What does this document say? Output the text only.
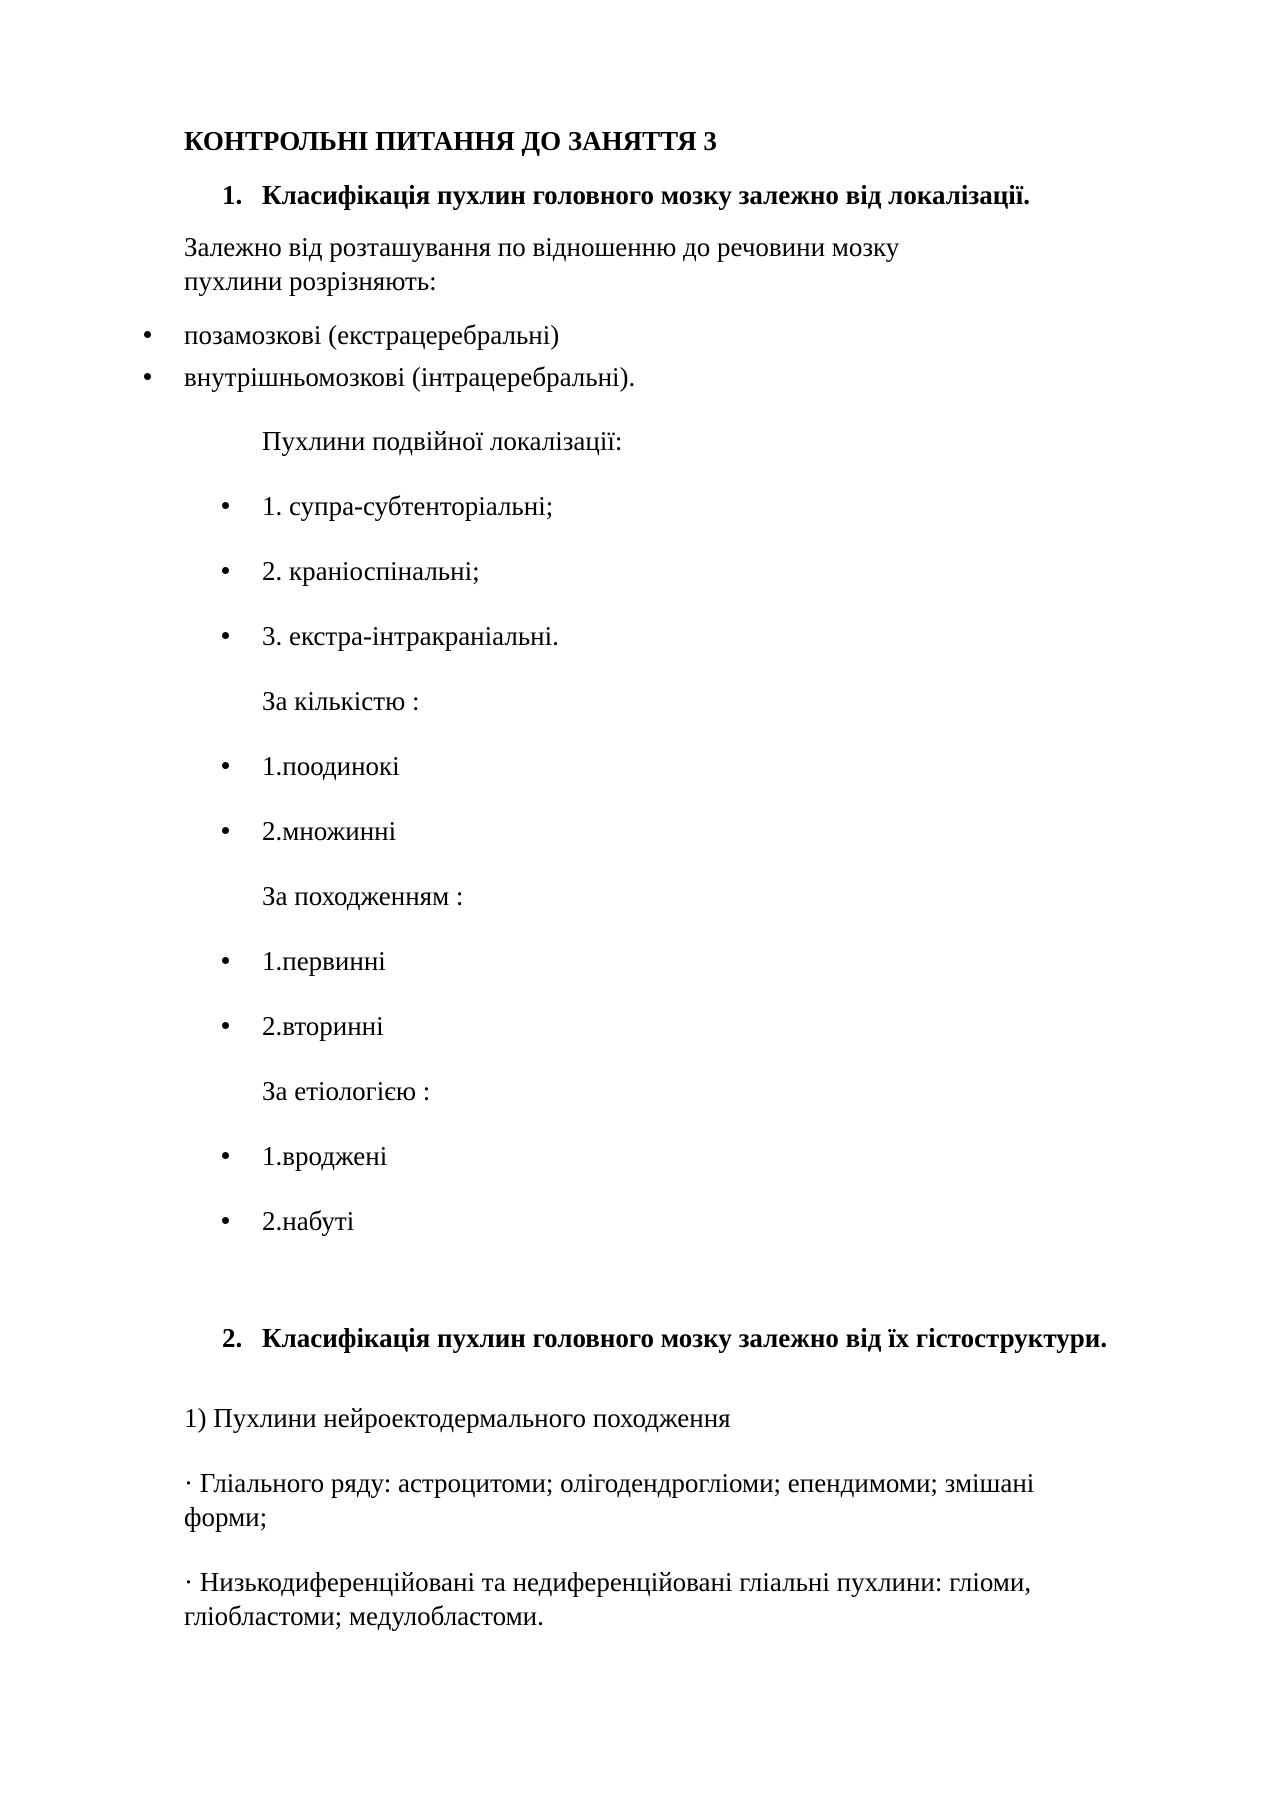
КОНТРОЛЬНІ ПИТАННЯ ДО ЗАНЯТТЯ 3
1. Класифікація пухлин головного мозку залежно від локалізації.
Залежно від розташування по відношенню до речовини мозку
пухлини розрізняють:
позамозкові (екстрацеребральні)
внутрішньомозкові (інтрацеребральні).
Пухлини подвійної локалізації:
1. супра-субтенторіальні;
2. краніоспінальні;
3. екстра-інтракраніальні.
За кількістю :
1.поодинокі
2.множинні
За походженням :
1.первинні
2.вторинні
За етіологією :
1.вроджені
2.набуті
2. Класифікація пухлин головного мозку залежно від їх гістоструктури.
1) Пухлини нейроектодермального походження
· Гліального ряду: астроцитоми; олігодендрогліоми; епендимоми; змішані
форми;
· Низькодиференційовані та недиференційовані гліальні пухлини: гліоми,
гліобластоми; медулобластоми.
